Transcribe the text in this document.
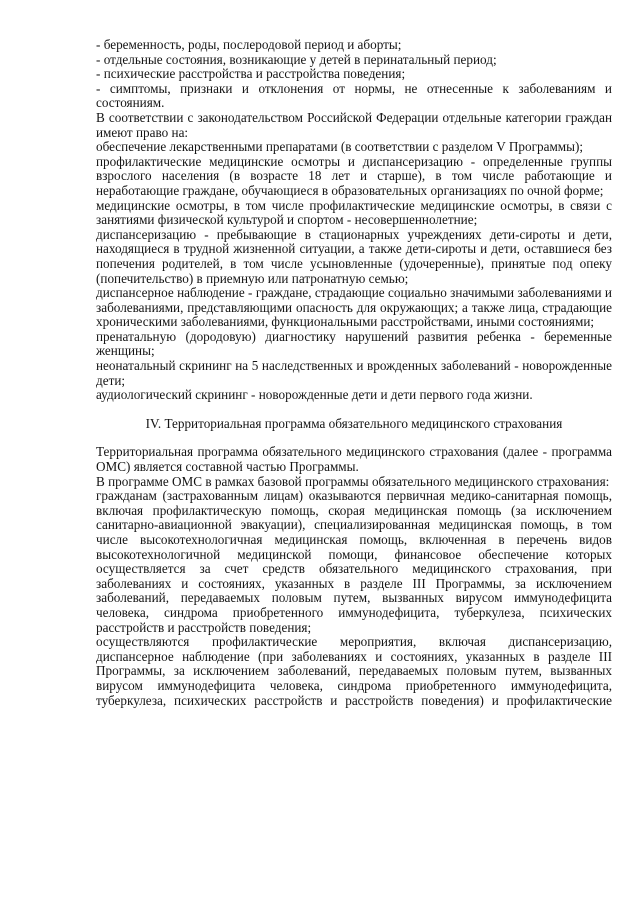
- беременность, роды, послеродовой период и аборты;

- отдельные состояния, возникающие у детей в перинатальный период;

- психические расстройства и расстройства поведения;

- симптомы, признаки и отклонения от нормы, не отнесенные к заболеваниям и состояниям.

В соответствии с законодательством Российской Федерации отдельные категории граждан имеют право на:

обеспечение лекарственными препаратами (в соответствии с разделом V Программы);

профилактические медицинские осмотры и диспансеризацию - определенные группы взрослого населения (в возрасте 18 лет и старше), в том числе работающие и неработающие граждане, обучающиеся в образовательных организациях по очной форме;

медицинские осмотры, в том числе профилактические медицинские осмотры, в связи с занятиями физической культурой и спортом - несовершеннолетние;

диспансеризацию - пребывающие в стационарных учреждениях дети-сироты и дети, находящиеся в трудной жизненной ситуации, а также дети-сироты и дети, оставшиеся без попечения родителей, в том числе усыновленные (удочеренные), принятые под опеку (попечительство) в приемную или патронатную семью;

диспансерное наблюдение - граждане, страдающие социально значимыми заболеваниями и заболеваниями, представляющими опасность для окружающих; а также лица, страдающие хроническими заболеваниями, функциональными расстройствами, иными состояниями;

пренатальную (дородовую) диагностику нарушений развития ребенка - беременные женщины;

неонатальный скрининг на 5 наследственных и врожденных заболеваний - новорожденные дети;

аудиологический скрининг - новорожденные дети и дети первого года жизни.

IV. Территориальная программа обязательного медицинского страхования

Территориальная программа обязательного медицинского страхования (далее - программа ОМС) является составной частью Программы.

В программе ОМС в рамках базовой программы обязательного медицинского страхования:

гражданам (застрахованным лицам) оказываются первичная медико-санитарная помощь, включая профилактическую помощь, скорая медицинская помощь (за исключением санитарно-авиационной эвакуации), специализированная медицинская помощь, в том числе высокотехнологичная медицинская помощь, включенная в перечень видов высокотехнологичной медицинской помощи, финансовое обеспечение которых осуществляется за счет средств обязательного медицинского страхования, при заболеваниях и состояниях, указанных в разделе III Программы, за исключением заболеваний, передаваемых половым путем, вызванных вирусом иммунодефицита человека, синдрома приобретенного иммунодефицита, туберкулеза, психических расстройств и расстройств поведения;

осуществляются профилактические мероприятия, включая диспансеризацию, диспансерное наблюдение (при заболеваниях и состояниях, указанных в разделе III Программы, за исключением заболеваний, передаваемых половым путем, вызванных вирусом иммунодефицита человека, синдрома приобретенного иммунодефицита, туберкулеза, психических расстройств и расстройств поведения) и профилактические
